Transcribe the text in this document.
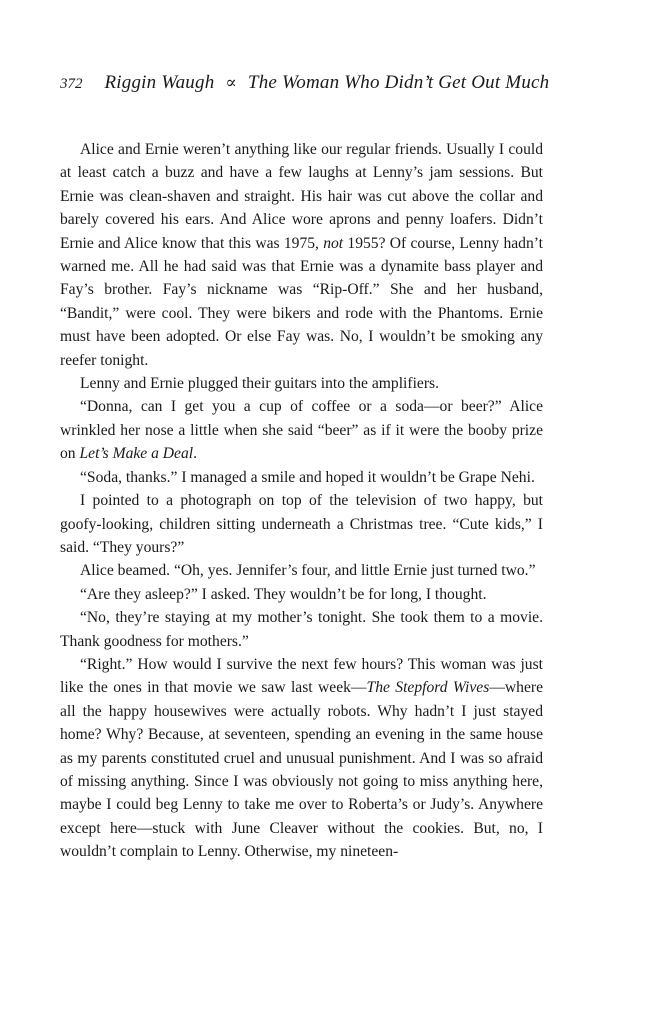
372 Riggin Waugh ∝ The Woman Who Didn’t Get Out Much

Alice and Ernie weren’t anything like our regular friends. Usually I could at least catch a buzz and have a few laughs at Lenny’s jam sessions. But Ernie was clean-shaven and straight. His hair was cut above the collar and barely covered his ears. And Alice wore aprons and penny loafers. Didn’t Ernie and Alice know that this was 1975, not 1955? Of course, Lenny hadn’t warned me. All he had said was that Ernie was a dynamite bass player and Fay’s brother. Fay’s nickname was “Rip-Off.” She and her husband, “Bandit,” were cool. They were bikers and rode with the Phantoms. Ernie must have been adopted. Or else Fay was. No, I wouldn’t be smoking any reefer tonight.

Lenny and Ernie plugged their guitars into the amplifiers.

“Donna, can I get you a cup of coffee or a soda—or beer?” Alice wrinkled her nose a little when she said “beer” as if it were the booby prize on Let’s Make a Deal.

“Soda, thanks.” I managed a smile and hoped it wouldn’t be Grape Nehi.

I pointed to a photograph on top of the television of two happy, but goofy-looking, children sitting underneath a Christmas tree. “Cute kids,” I said. “They yours?”

Alice beamed. “Oh, yes. Jennifer’s four, and little Ernie just turned two.”

“Are they asleep?” I asked. They wouldn’t be for long, I thought.

“No, they’re staying at my mother’s tonight. She took them to a movie. Thank goodness for mothers.”

“Right.” How would I survive the next few hours? This woman was just like the ones in that movie we saw last week—The Stepford Wives—where all the happy housewives were actually robots. Why hadn’t I just stayed home? Why? Because, at seventeen, spending an evening in the same house as my parents constituted cruel and unusual punishment. And I was so afraid of missing anything. Since I was obviously not going to miss anything here, maybe I could beg Lenny to take me over to Roberta’s or Judy’s. Anywhere except here—stuck with June Cleaver without the cookies. But, no, I wouldn’t complain to Lenny. Otherwise, my nineteen-
